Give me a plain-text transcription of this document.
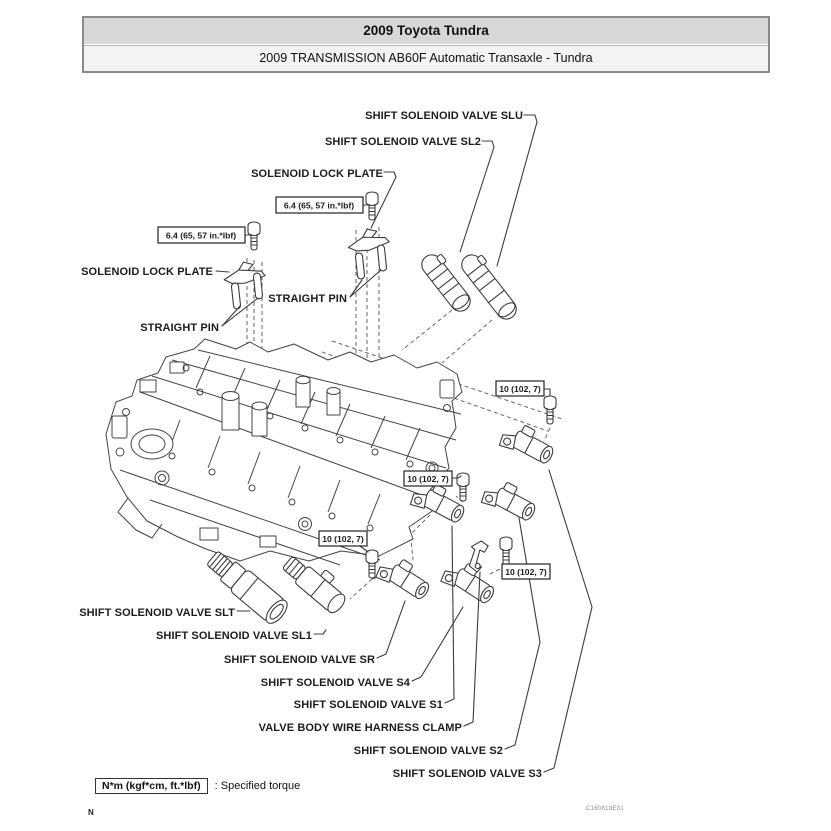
2009 Toyota Tundra
2009 TRANSMISSION AB60F Automatic Transaxle - Tundra
6.4 (65, 57 in.*lbf)
6.4 (65, 57 in.*lbf)
10 (102, 7)
10 (102, 7)
10 (102, 7)
10 (102, 7)
SHIFT SOLENOID VALVE SLU
SHIFT SOLENOID VALVE SL2
SOLENOID LOCK PLATE
SOLENOID LOCK PLATE
STRAIGHT PIN
STRAIGHT PIN
SHIFT SOLENOID VALVE SLT
SHIFT SOLENOID VALVE SL1
SHIFT SOLENOID VALVE SR
SHIFT SOLENOID VALVE S4
SHIFT SOLENOID VALVE S1
VALVE BODY WIRE HARNESS CLAMP
SHIFT SOLENOID VALVE S2
SHIFT SOLENOID VALVE S3
N*m (kgf*cm, ft.*lbf) : Specified torque
N	C160818E01
